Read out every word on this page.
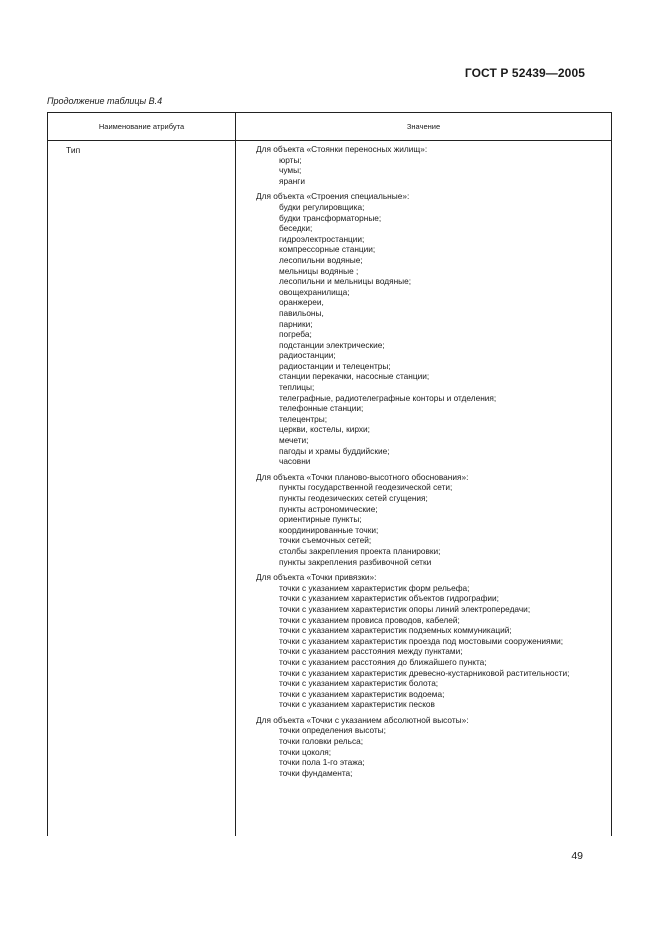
ГОСТ Р 52439—2005
Продолжение таблицы В.4
Наименование атрибута	Значение
Тип	Для объекта «Стоянки переносных жилищ»:
юрты;
чумы;
яранги
Для объекта «Строения специальные»:
будки регулировщика;
будки трансформаторные;
беседки;
гидроэлектростанции;
компрессорные станции;
лесопильни водяные;
мельницы водяные ;
лесопильни и мельницы водяные;
овощехранилища;
оранжереи,
павильоны,
парники;
погреба;
подстанции электрические;
радиостанции;
радиостанции и телецентры;
станции перекачки, насосные станции;
теплицы;
телеграфные, радиотелеграфные конторы и отделения;
телефонные станции;
телецентры;
церкви, костелы, кирхи;
мечети;
пагоды и храмы буддийские;
часовни
Для объекта «Точки планово-высотного обоснования»:
пункты государственной геодезической сети;
пункты геодезических сетей сгущения;
пункты астрономические;
ориентирные пункты;
координированные точки;
точки съемочных сетей;
столбы закрепления проекта планировки;
пункты закрепления разбивочной сетки
Для объекта «Точки привязки»:
точки с указанием характеристик форм рельефа;
точки с указанием характеристик объектов гидрографии;
точки с указанием характеристик опоры линий электропередачи;
точки с указанием провиса проводов, кабелей;
точки с указанием характеристик подземных коммуникаций;
точки с указанием характеристик проезда под мостовыми сооружениями;
точки с указанием расстояния между пунктами;
точки с указанием расстояния до ближайшего пункта;
точки с указанием характеристик древесно-кустарниковой растительности;
точки с указанием характеристик болота;
точки с указанием характеристик водоема;
точки с указанием характеристик песков
Для объекта «Точки с указанием абсолютной высоты»:
точки определения высоты;
точки головки рельса;
точки цоколя;
точки пола 1-го этажа;
точки фундамента;
49
